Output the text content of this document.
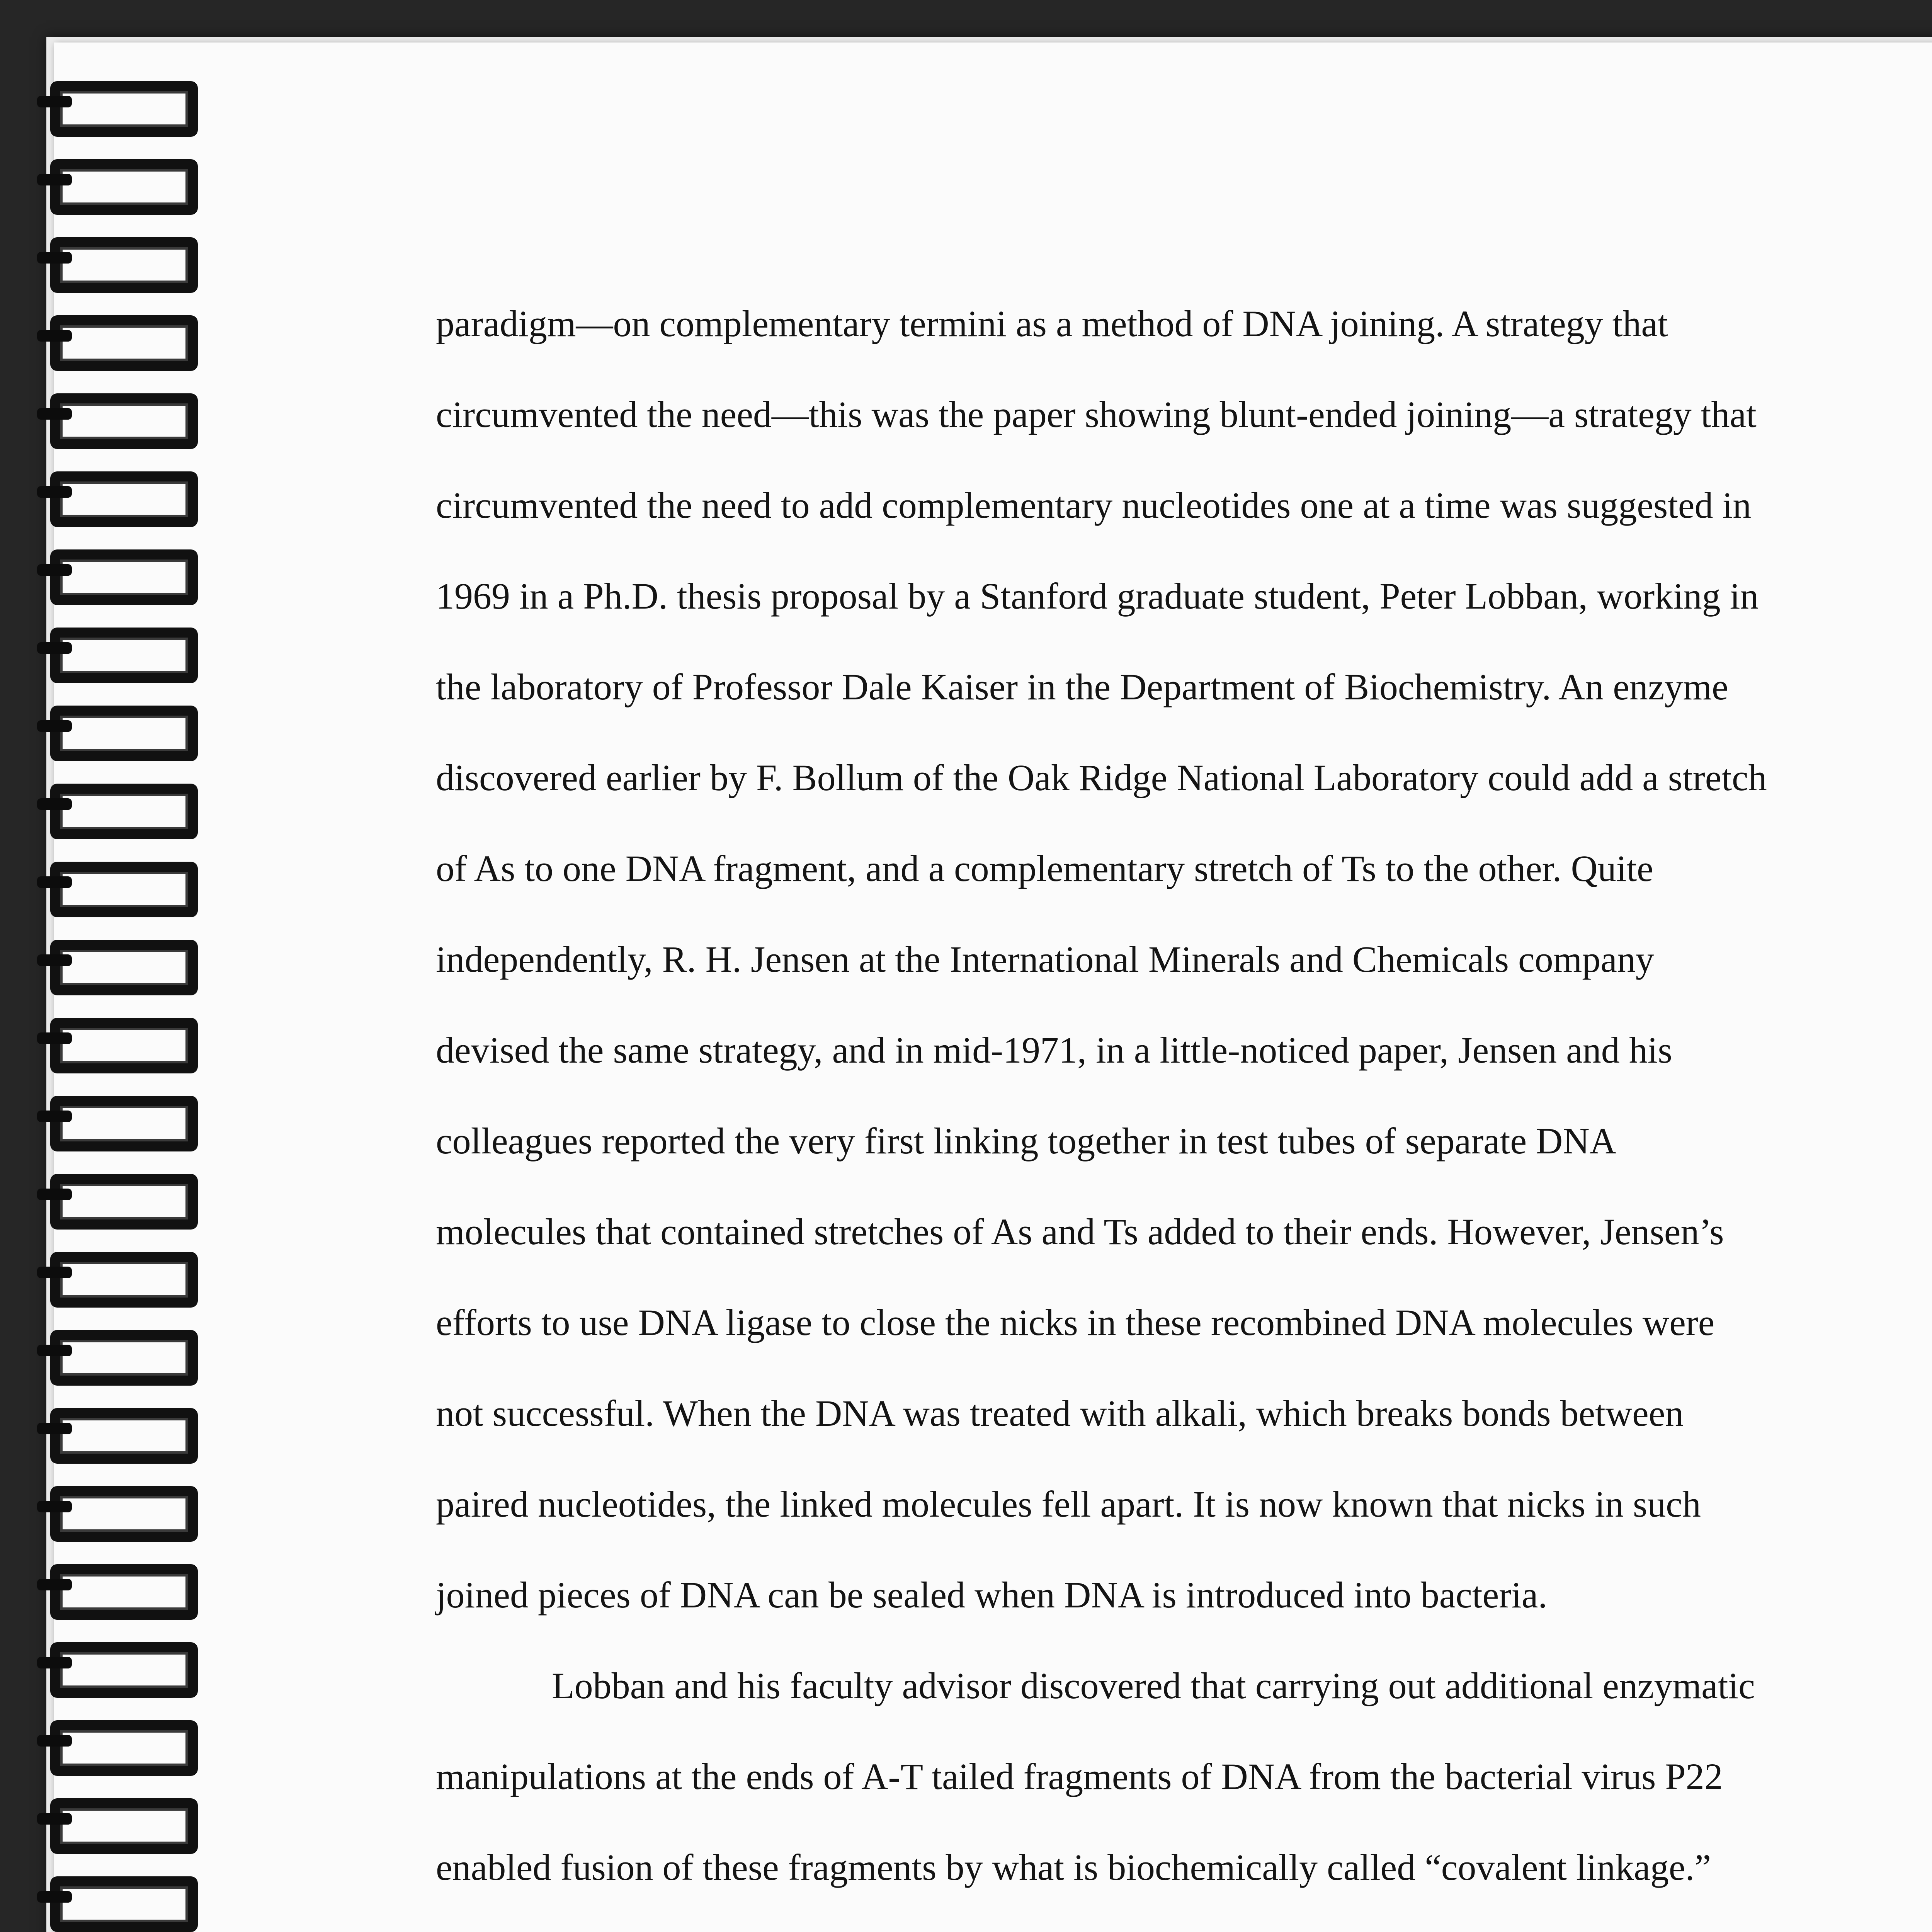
paradigm—on complementary termini as a method of DNA joining. A strategy that
circumvented the need—this was the paper showing blunt-ended joining—a strategy that
circumvented the need to add complementary nucleotides one at a time was suggested in
1969 in a Ph.D. thesis proposal by a Stanford graduate student, Peter Lobban, working in
the laboratory of Professor Dale Kaiser in the Department of Biochemistry. An enzyme
discovered earlier by F. Bollum of the Oak Ridge National Laboratory could add a stretch
of As to one DNA fragment, and a complementary stretch of Ts to the other. Quite
independently, R. H. Jensen at the International Minerals and Chemicals company
devised the same strategy, and in mid-1971, in a little-noticed paper, Jensen and his
colleagues reported the very first linking together in test tubes of separate DNA
molecules that contained stretches of As and Ts added to their ends. However, Jensen’s
efforts to use DNA ligase to close the nicks in these recombined DNA molecules were
not successful. When the DNA was treated with alkali, which breaks bonds between
paired nucleotides, the linked molecules fell apart. It is now known that nicks in such
joined pieces of DNA can be sealed when DNA is introduced into bacteria.
Lobban and his faculty advisor discovered that carrying out additional enzymatic
manipulations at the ends of A-T tailed fragments of DNA from the bacterial virus P22
enabled fusion of these fragments by what is biochemically called “covalent linkage.”
